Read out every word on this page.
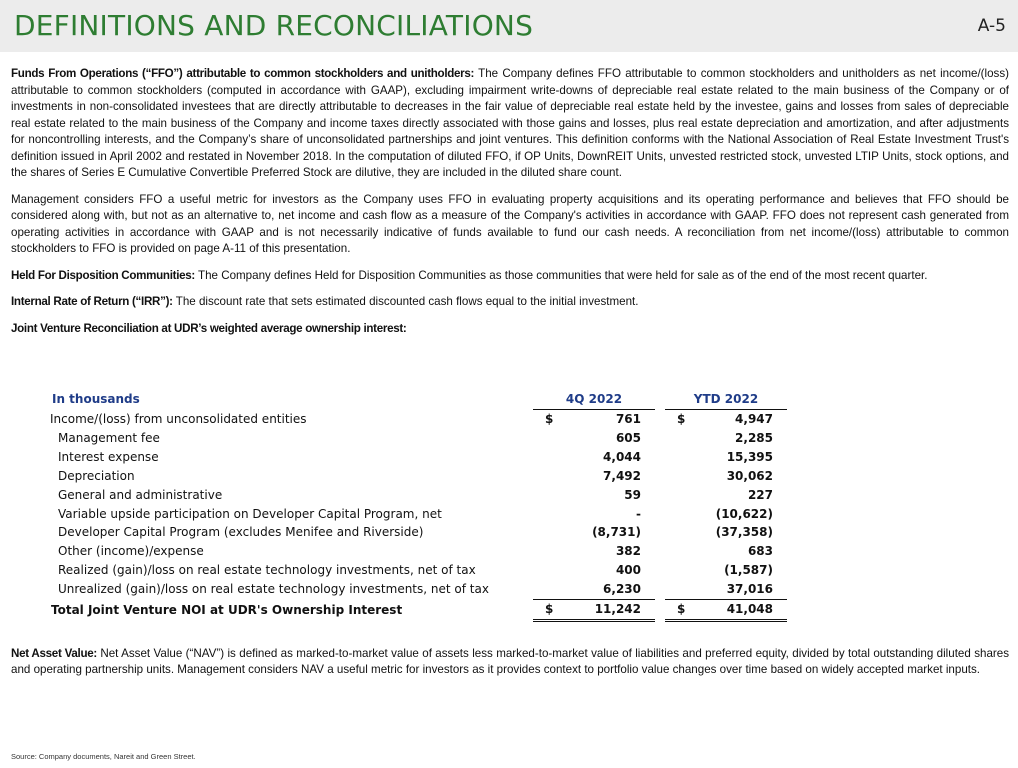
DEFINITIONS AND RECONCILIATIONS	A-5

Funds From Operations (“FFO”) attributable to common stockholders and unitholders: The Company defines FFO attributable to common stockholders and unitholders as net income/(loss) attributable to common stockholders (computed in accordance with GAAP), excluding impairment write-downs of depreciable real estate related to the main business of the Company or of investments in non-consolidated investees that are directly attributable to decreases in the fair value of depreciable real estate held by the investee, gains and losses from sales of depreciable real estate related to the main business of the Company and income taxes directly associated with those gains and losses, plus real estate depreciation and amortization, and after adjustments for noncontrolling interests, and the Company’s share of unconsolidated partnerships and joint ventures. This definition conforms with the National Association of Real Estate Investment Trust's definition issued in April 2002 and restated in November 2018. In the computation of diluted FFO, if OP Units, DownREIT Units, unvested restricted stock, unvested LTIP Units, stock options, and the shares of Series E Cumulative Convertible Preferred Stock are dilutive, they are included in the diluted share count.

Management considers FFO a useful metric for investors as the Company uses FFO in evaluating property acquisitions and its operating performance and believes that FFO should be considered along with, but not as an alternative to, net income and cash flow as a measure of the Company's activities in accordance with GAAP. FFO does not represent cash generated from operating activities in accordance with GAAP and is not necessarily indicative of funds available to fund our cash needs. A reconciliation from net income/(loss) attributable to common stockholders to FFO is provided on page A-11 of this presentation.

Held For Disposition Communities: The Company defines Held for Disposition Communities as those communities that were held for sale as of the end of the most recent quarter.

Internal Rate of Return (“IRR”): The discount rate that sets estimated discounted cash flows equal to the initial investment.

Joint Venture Reconciliation at UDR’s weighted average ownership interest:

In thousands	4Q 2022			YTD 2022	
Income/(loss) from unconsolidated entities	$	761		$	4,947
Management fee		605			2,285
Interest expense		4,044			15,395
Depreciation		7,492			30,062
General and administrative		59			227
Variable upside participation on Developer Capital Program, net		-			(10,622)
Developer Capital Program (excludes Menifee and Riverside)		(8,731)			(37,358)
Other (income)/expense		382			683
Realized (gain)/loss on real estate technology investments, net of tax		400			(1,587)
Unrealized (gain)/loss on real estate technology investments, net of tax		6,230			37,016
Total Joint Venture NOI at UDR's Ownership Interest	$	11,242		$	41,048

Net Asset Value: Net Asset Value (“NAV”) is defined as marked-to-market value of assets less marked-to-market value of liabilities and preferred equity, divided by total outstanding diluted shares and operating partnership units. Management considers NAV a useful metric for investors as it provides context to portfolio value changes over time based on widely accepted market inputs.

Source: Company documents, Nareit and Green Street.
